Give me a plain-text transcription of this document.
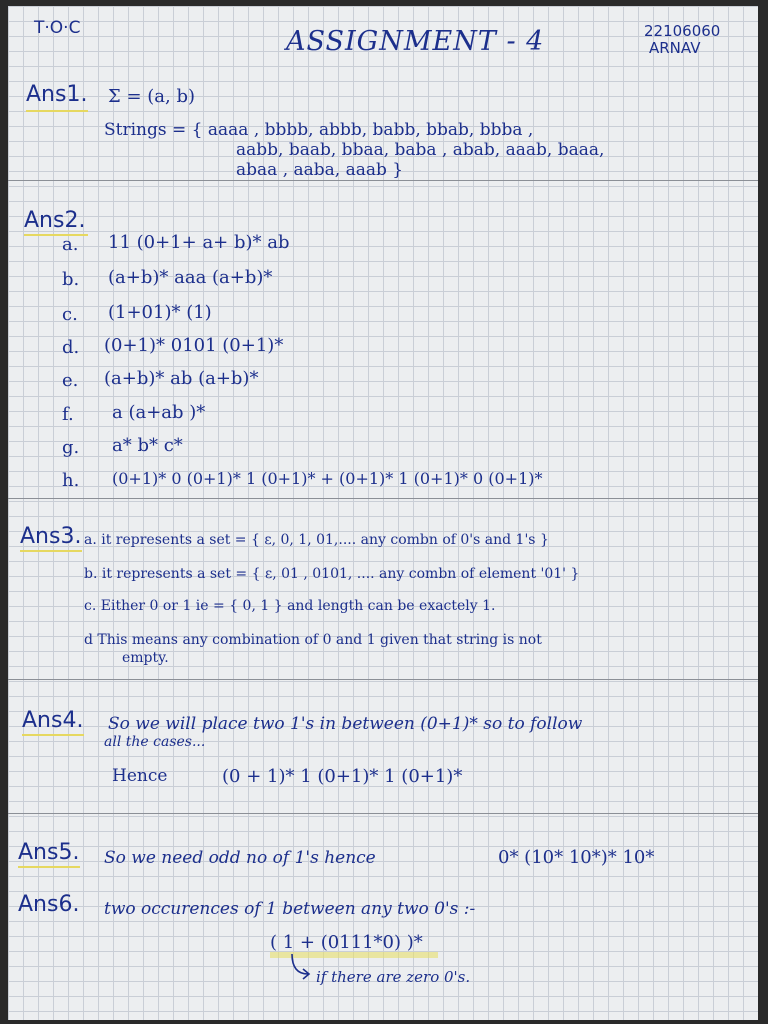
T·O·C	ASSIGNMENT - 4	22106060
ARNAV
Ans1. Σ = (a, b)
Strings = { aaaa , bbbb, abbb, babb, bbab, bbba ,
aabb, baab, bbaa, baba , abab, aaab, baaa,
abaa , aaba, aaab }
Ans2.
a. 11 (0+1+ a+ b)* ab
b. (a+b)* aaa (a+b)*
c. (1+01)* (1)
d. (0+1)* 0101 (0+1)*
e. (a+b)* ab (a+b)*
f. a (a+ab )*
g. a* b* c*
h. (0+1)* 0 (0+1)* 1 (0+1)* + (0+1)* 1 (0+1)* 0 (0+1)*
Ans3. a. it represents a set = { ε, 0, 1, 01,.... any combn of 0's and 1's }
b. it represents a set = { ε, 01 , 0101, .... any combn of element '01' }
c. Either 0 or 1 ie = { 0, 1 } and length can be exactely 1.
d This means any combination of 0 and 1 given that string is not
empty.
Ans4. So we will place two 1's in between (0+1)* so to follow
all the cases...
Hence	(0 + 1)* 1 (0+1)* 1 (0+1)*
Ans5. So we need odd no of 1's hence	0* (10* 10*)* 10*
Ans6. two occurences of 1 between any two 0's :-
( 1 + (0111*0) )*
if there are zero 0's.
